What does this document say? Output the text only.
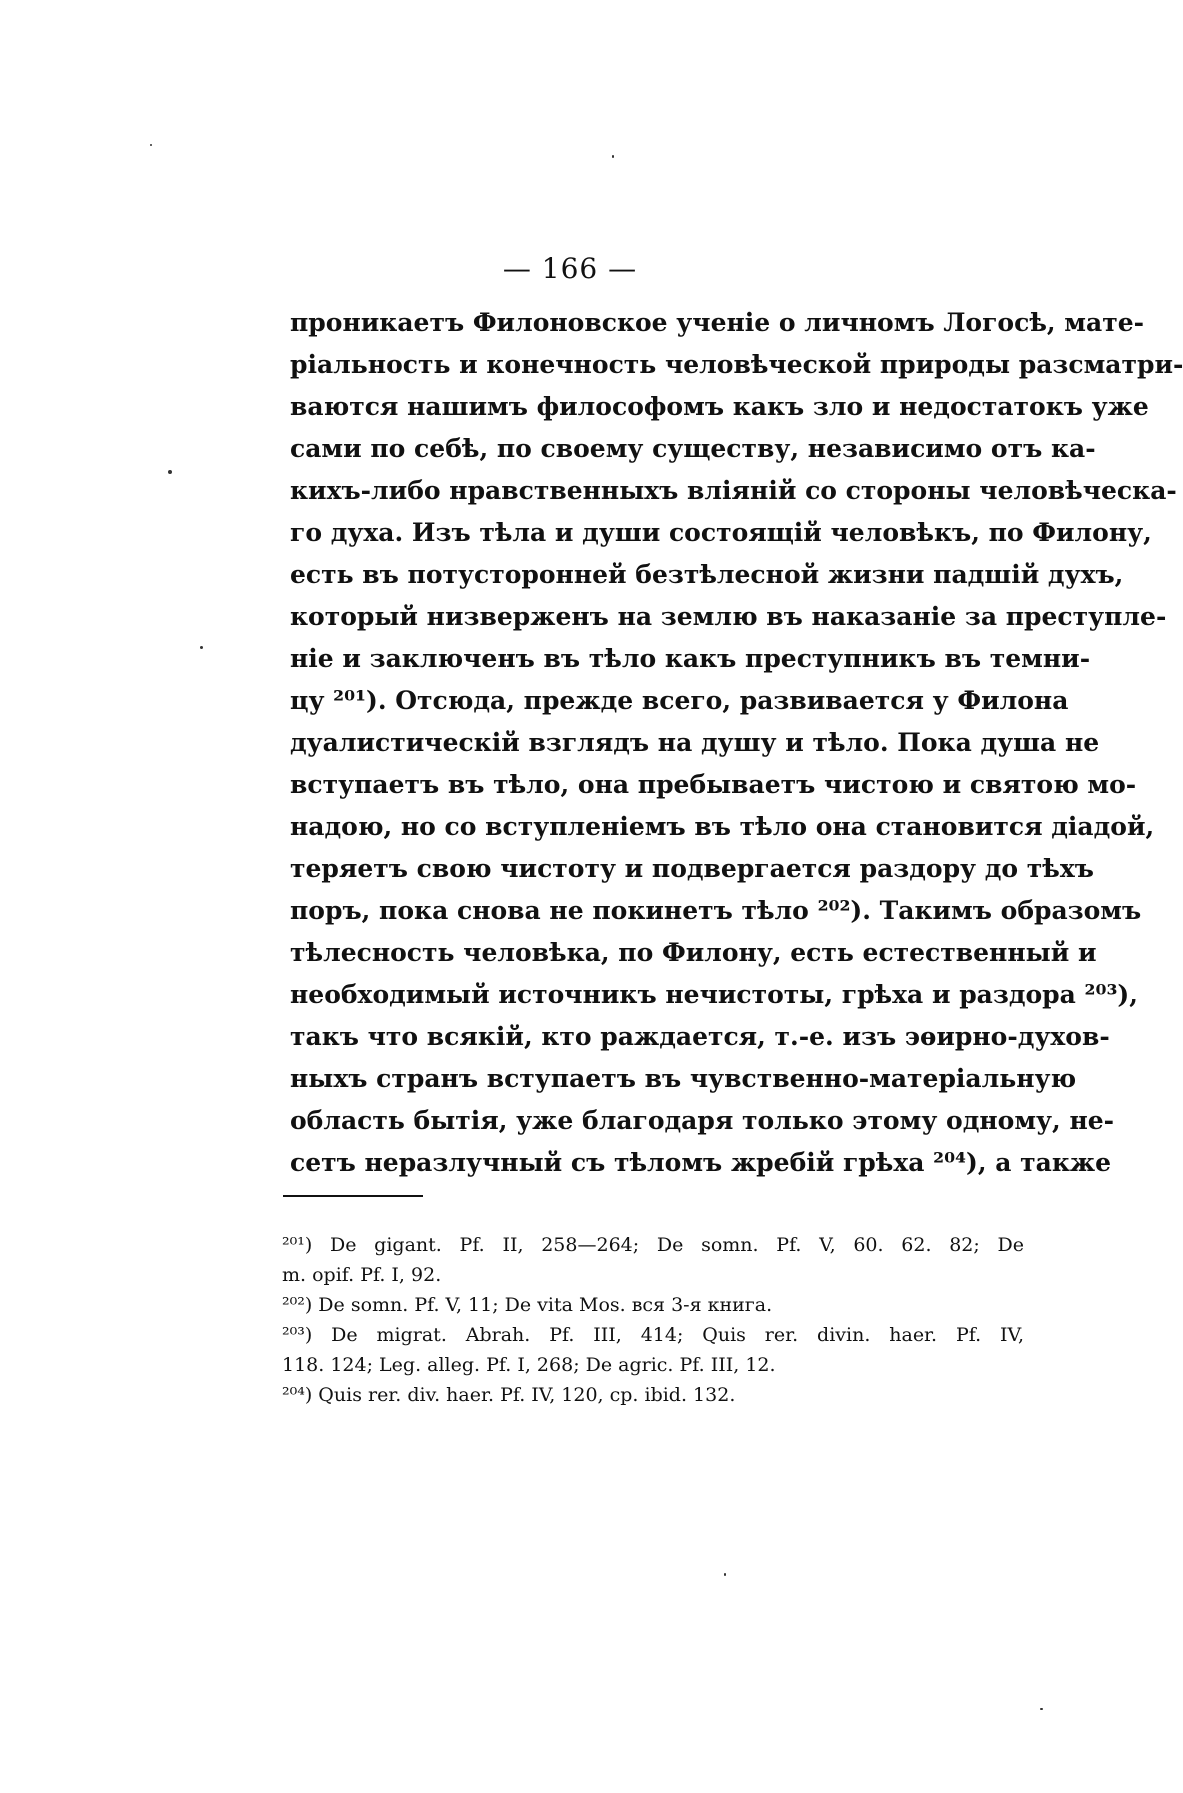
— 166 —
проникаетъ Филоновское ученіе о личномъ Логосѣ, мате-
ріальность и конечность человѣческой природы разсматри-
ваются нашимъ философомъ какъ зло и недостатокъ уже
сами по себѣ, по своему существу, независимо отъ ка-
кихъ-либо нравственныхъ вліяній со стороны человѣческа-
го духа. Изъ тѣла и души состоящій человѣкъ, по Филону,
есть въ потусторонней безтѣлесной жизни падшій духъ,
который низверженъ на землю въ наказаніе за преступле-
ніе и заключенъ въ тѣло какъ преступникъ въ темни-
цу ²⁰¹). Отсюда, прежде всего, развивается у Филона
дуалистическій взглядъ на душу и тѣло. Пока душа не
вступаетъ въ тѣло, она пребываетъ чистою и святою мо-
надою, но со вступленіемъ въ тѣло она становится діадой,
теряетъ свою чистоту и подвергается раздору до тѣхъ
поръ, пока снова не покинетъ тѣло ²⁰²). Такимъ образомъ
тѣлесность человѣка, по Филону, есть естественный и
необходимый источникъ нечистоты, грѣха и раздора ²⁰³),
такъ что всякій, кто раждается, т.-е. изъ эѳирно-духов-
ныхъ странъ вступаетъ въ чувственно-матеріальную
область бытія, уже благодаря только этому одному, не-
сетъ неразлучный съ тѣломъ жребій грѣха ²⁰⁴), а также
²⁰¹) De gigant. Pf. II, 258—264; De somn. Pf. V, 60. 62. 82; De
m. opif. Pf. I, 92.
²⁰²) De somn. Pf. V, 11; De vita Mos. вся 3-я книга.
²⁰³) De migrat. Abrah. Pf. III, 414; Quis rer. divin. haer. Pf. IV,
118. 124; Leg. alleg. Pf. I, 268; De agric. Pf. III, 12.
²⁰⁴) Quis rer. div. haer. Pf. IV, 120, cp. ibid. 132.
